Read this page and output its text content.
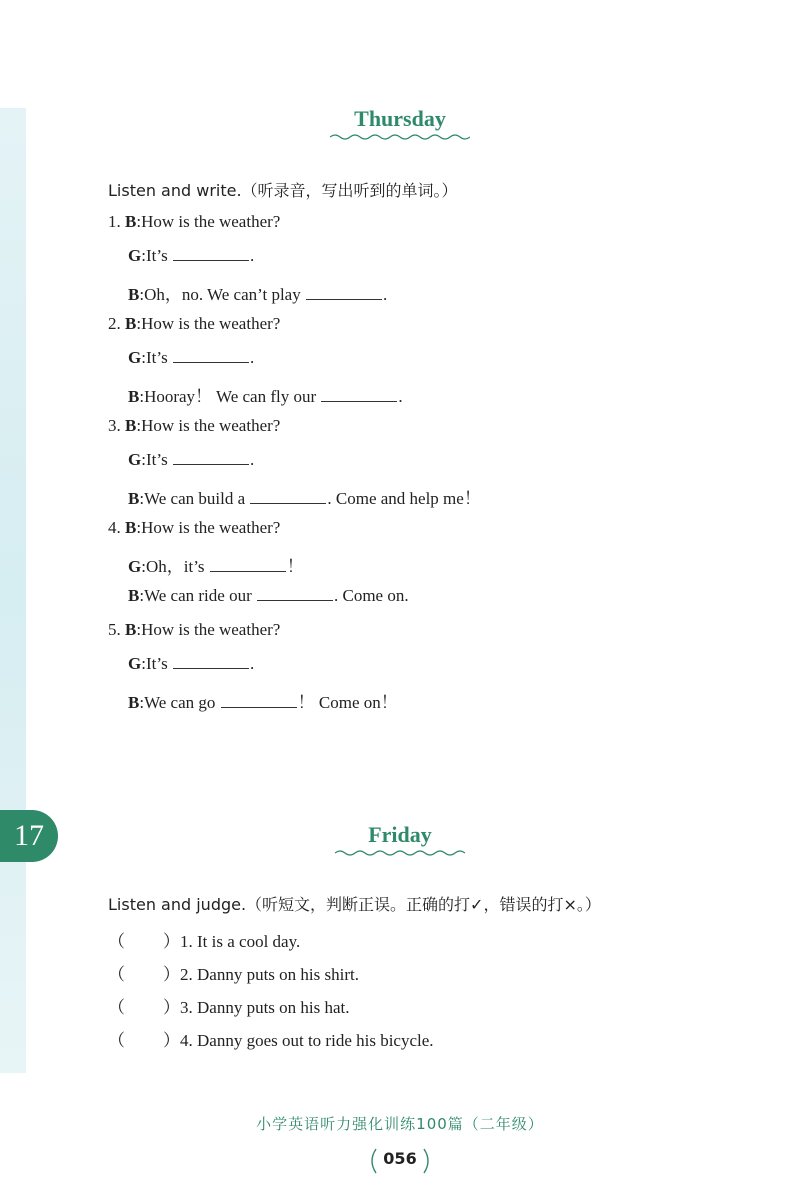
17
Thursday
Listen and write.（听录音，写出听到的单词。）
1. B:How is the weather?
G:It’s	.
B:Oh，no. We can’t play	.
2. B:How is the weather?
G:It’s	.
B:Hooray！ We can fly our	.
3. B:How is the weather?
G:It’s	.
B:We can build a	. Come and help me！
4. B:How is the weather?
G:Oh，it’s	！
B:We can ride our	. Come on.
5. B:How is the weather?
G:It’s	.
B:We can go	！ Come on！
Friday
Listen and judge.（听短文，判断正误。正确的打✓，错误的打×。）
（ ）1. It is a cool day.
（ ）2. Danny puts on his shirt.
（ ）3. Danny puts on his hat.
（ ）4. Danny goes out to ride his bicycle.
小学英语听力强化训练100篇（二年级）
056
